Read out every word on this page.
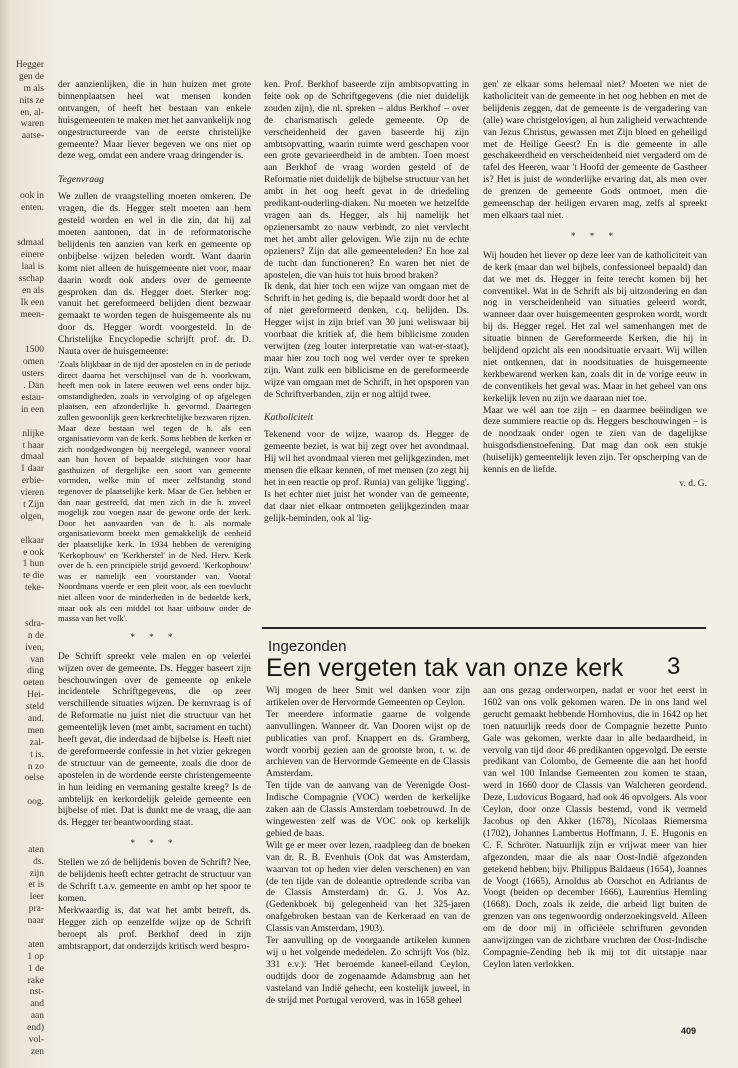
Hegger
gen de
m als
nits ze
en, al-
waren
aatse-
ook in
enten.
sdmaal
einere
laal is
sschap
en als
Ik een
meen-
1500
omen
usters
. Dan
estau-
in een
nlijke
t haar
dmaal
1 daar
erbie-
vieren
t Zijn
olgen,
elkaar
e ook
1 hun
te die
teke-
sdra-
n de
iven,
van
ding
oeten
Hei-
steld
and.
men
zal-
t is.
n zo
oelse
oog.
aten
ds.
zijn
et is
leer
pra-
naar
aten
1 op
1 de
rake
nst-
and
aan
end)
vol-
zen

der aanzienlijken, die in hun huizen met grote binnenplaatsen heel wat mensen konden ontvangen, of heeft het bestaan van enkele huisgemeenten te maken met het aanvankelijk nog ongestructureerde van de eerste christelijke gemeente? Maar liever begeven we ons niet op deze weg, omdat een andere vraag dringender is.

Tegenvraag

We zullen de vraagstelling moeten omkeren. De vragen, die ds. Hegger stelt moeten aan hem gesteld worden en wel in die zin, dat hij zal moeten aantonen, dat in de reformatorische belijdenis ten aanzien van kerk en gemeente op onbijbelse wijzen beleden wordt. Want daarin komt niet alleen de huisgemeente niet voor, maar daarin wordt ook anders over de gemeente gesproken dan ds. Hegger doet. Sterker nog: vanuit het gereformeerd belijden dient bezwaar gemaakt te worden tegen de huisgemeente als nu door ds. Hegger wordt voorgesteld. In de Christelijke Encyclopedie schrijft prof. dr. D. Nauta over de huisgemeente:

'Zoals blijkbaar in de tijd der apostelen en in de periode direct daarna het verschijnsel van de h. voorkwam, heeft men ook in latere eeuwen wel eens onder bijz. omstandigheden, zoals in vervolging of op afgelegen plaatsen, een afzonderlijke h. gevormd. Daartegen zullen gewoonlijk geen kerkrechtelijke bezwaren rijzen. Maar deze bestaan wel tegen de h. als een organisatievorm van de kerk. Soms hebben de kerken er zich noodgedwongen bij neergelegd, wanneer vooral aan hun hoven of bepaalde stichtingen voor haar gasthuizen of dergelijke een soort van gemeente vormden, welke min of meer zelfstandig stond tegenover de plaatselijke kerk. Maar de Ger. hebben er dan naar gestreefd, dat men zich in die h. zoveel mogelijk zou voegen naar de gewone orde der kerk. Door het aanvaarden van de h. als normale organisatievorm breekt men gemakkelijk de eenheid der plaatselijke kerk. In 1934 hebben de vereniging 'Kerkopbouw' en 'Kerkherstel' in de Ned. Herv. Kerk over de h. een principiële strijd gevoerd. 'Kerkopbouw' was er namelijk een voorstander van. Vooral Noordmans voerde er een pleit voor, als een toevlucht niet alleen voor de minderheden in de bedoelde kerk, maar ook als een middel tot haar uitbouw onder de massa van het volk'.

* * *

De Schrift spreekt vele malen en op velerlei wijzen over de gemeente. Ds. Hegger baseert zijn beschouwingen over de gemeente op enkele incidentele Schriftgegevens, die op zeer verschillende situaties wijzen. De kernvraag is of de Reformatie nu juist niet die structuur van het gemeentelijk leven (met ambt, sacrament en tucht) heeft gevat, die inderdaad de bijbelse is. Heeft niet de gereformeerde confessie in het vizier gekregen de structuur van de gemeente, zoals die door de apostelen in de wordende eerste christengemeente in hun leiding en vermaning gestalte kreeg? Is de ambtelijk en kerkordelijk geleide gemeente een bijbelse of niet. Dat is dunkt me de vraag, die aan ds. Hegger ter beantwoording staat.

* * *

Stellen we zó de belijdenis boven de Schrift? Nee, de belijdenis heeft echter getracht de structuur van de Schrift t.a.v. gemeente en ambt op het spoor te komen.
Merkwaardig is, dat wat het ambt betreft, ds. Hegger zich op eenzelfde wijze op de Schrift beroept als prof. Berkhof deed in zijn ambtsrapport, dat onderzijds kritisch werd bespro-

ken. Prof. Berkhof baseerde zijn ambtsopvatting in feite ook op de Schriftgegevens (die niet duidelijk zouden zijn), die nl. spreken – aldus Berkhof – over de charismatisch gelede gemeente. Op de verscheidenheid der gaven baseerde hij zijn ambtsopvatting, waarin ruimte werd geschapen voor een grote gevarieerdheid in de ambten. Toen moest aan Berkhof de vraag worden gesteld of de Reformatie niet duidelijk de bijbelse structuur van het ambt in het oog heeft gevat in de driedeling predikant-ouderling-diaken. Nu moeten we hetzelfde vragen aan ds. Hegger, als hij namelijk het opzienersambt zo nauw verbindt, zo niet vervlecht met het ambt aller gelovigen. Wie zijn nu de echte opzieners? Zijn dat alle gemeenteleden? En hoe zal de tucht dan functioneren? En waren het niet de apostelen, die van huis tot huis brood braken?
Ik denk, dat hier toch een wijze van omgaan met de Schrift in het geding is, die bepaald wordt door het al of niet gereformeerd denken, c.q. belijden. Ds. Hegger wijst in zijn brief van 30 juni weliswaar bij voorbaat die kritiek af, die hem biblicisme zouden verwijten (zeg louter interpretatie van wat-er-staat), maar hier zou toch nog wel verder over te spreken zijn. Want zulk een biblicisme en de gereformeerde wijze van omgaan met de Schrift, in het opsporen van de Schriftverbanden, zijn er nog altijd twee.

Katholiciteit

Tekenend voor de wijze, waarop ds. Hegger de gemeente beziet, is wat hij zegt over het avondmaal. Hij wil het avondmaal vieren met gelijkgezinden, met mensen die elkaar kennen, of met mensen (zo zegt hij het in een reactie op prof. Runia) van gelijke 'ligging'. Is het echter niet juist het wonder van de gemeente, dat daar niet elkaar ontmoeten gelijkgezinden maar gelijk-beminden, ook al 'lig-

gen' ze elkaar soms helemaal niet? Moeten we niet de katholiciteit van de gemeente in het oog hebben en met de belijdenis zeggen, dat de gemeente is de vergadering van (alle) ware christgelovigen, al hun zaligheid verwachtende van Jezus Christus, gewassen met Zijn bloed en geheiligd met de Heilige Geest? En is die gemeente in alle geschakeerdheid en verscheidenheid niet vergaderd om de tafel des Heeren, waar 't Hoofd der gemeente de Gastheer is? Het is juist de wonderlijke ervaring dat, als men over de grenzen de gemeente Gods ontmoet, men die gemeenschap der heiligen ervaren mag, zelfs al spreekt men elkaars taal niet.

* * *

Wij houden het liever op deze leer van de katholiciteit van de kerk (maar dan wel bijbels, confessioneel bepaald) dan dat we met ds. Hegger in feite terecht komen bij het conventikel. Wat in de Schrift als bij uitzondering en dan nog in verscheidenheid van situaties geleerd wordt, wanneer daar over huisgemeenten gesproken wordt, wordt bij ds. Hegger regel. Het zal wel samenhangen met de situatie binnen de Gereformeerde Kerken, die hij in belijdend opzicht als een noodsituatie ervaart. Wij willen niet ontkennen, dat in noodsituaties de huisgemeente kerkbewarend werken kan, zoals dit in de vorige eeuw in de conventikels het geval was. Maar in het geheel van ons kerkelijk leven nu zijn we daaraan niet toe.
Maar we wél aan toe zijn – en daarmee beëindigen we deze summiere reactie op ds. Heggers beschouwingen – is de noodzaak onder ogen te zien van de dagelijkse huisgodsdienstoefening. Dat mag dan ook een stukje (huiselijk) gemeentelijk leven zijn. Ter opscherping van de kennis en de liefde.

v. d. G.
Ingezonden
Een vergeten tak van onze kerk 3
Wij mogen de heer Smit wel danken voor zijn artikelen over de Hervormde Gemeenten op Ceylon.
Ter meerdere informatie gaarne de volgende aanvullingen. Wanneer dr. Van Dooren wijst op de publicaties van prof. Knappert en ds. Gramberg, wordt voorbij gezien aan de grootste bron, t. w. de archieven van de Hervormde Gemeente en de Classis Amsterdam.
Ten tijde van de aanvang van de Verenigde Oost-Indische Compagnie (VOC) werden de kerkelijke zaken aan de Classis Amsterdam toebetrouwd. In de wingewesten zelf was de VOC ook op kerkelijk gebied de baas.
Wilt ge er meer over lezen, raadpleeg dan de boeken van dr. R. B. Evenhuis (Ook dat was Amsterdam, waarvan tot op heden vier delen verschenen) en van (de ten tijde van de doleantie optredende scriba van de Classis Amsterdam) dr. G. J. Vos Az. (Gedenkboek bij gelegenheid van het 325-jaren onafgebroken bestaan van de Kerkeraad en van de Classis van Amsterdam, 1903).
Ter aanvulling op de voorgaande artikelen kunnen wij u het volgende mededelen. Zo schrijft Vos (blz. 331 e.v.): 'Het beroemde kaneel-eiland Ceylon, oudtijds door de zogenaamde Adamsbrug aan het vasteland van Indië gehecht, een kostelijk juweel, in de strijd met Portugal veroverd, was in 1658 geheel
aan ons gezag onderworpen, nadat er voor het eerst in 1602 van ons volk gekomen waren. De in ons land wel gerucht gemaakt hebbende Hornhovius, die in 1642 op het toen natuurlijk reeds door de Compagnie bezette Punto Gale was gekomen, werkte daar in alle bedaardheid, in vervolg van tijd door 46 predikanten opgevolgd. De eerste predikant van Colombo, de Gemeente die aan het hoofd van wel 100 Inlandse Gemeenten zou komen te staan, werd in 1660 door de Classis van Walcheren geordend. Deze, Ludovicus Bogaard, had ook 46 opvolgers. Als voor Ceylon, door onze Classis bestemd, vond ik vermeld Jacobus op den Akker (1678), Nicolaas Riemersma (1702), Johannes Lambertus Hoffmann, J. E. Hugonis en C. F. Schröter. Natuurlijk zijn er vrijwat meer van hier afgezonden, maar die als naar Oost-Indië afgezonden getekend hebben; bijv. Philippus Baldaeus (1654), Joannes de Voogt (1665), Arnoldus ab Oorschot en Adrianus de Voogt (beiden op december 1666), Laurentius Hemling (1668). Doch, zoals ik zeide, die arbeid ligt buiten de grenzen van ons tegenwoordig onderzoekingsveld. Alleen om de door mij in officiëele schrifturen gevonden aanwijzingen van de zichtbare vruchten der Oost-Indische Compagnie-Zending heb ik mij tot dit uitstapje naar Ceylon laten verlokken.
409
